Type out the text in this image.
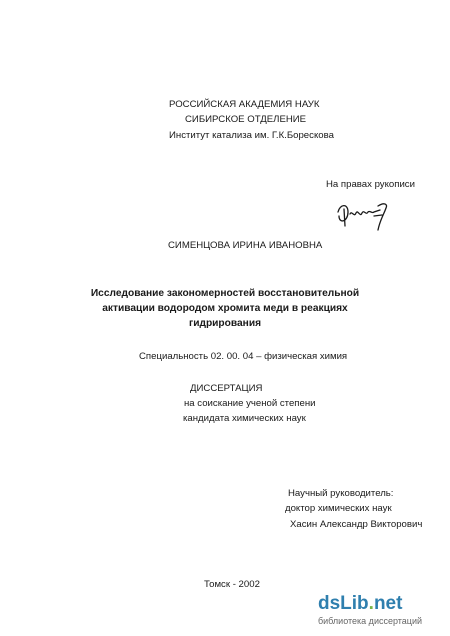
РОССИЙСКАЯ АКАДЕМИЯ НАУК
СИБИРСКОЕ ОТДЕЛЕНИЕ
Институт катализа им. Г.К.Борескова
На правах рукописи
СИМЕНЦОВА ИРИНА ИВАНОВНА
Исследование закономерностей восстановительной
активации водородом хромита меди в реакциях
гидрирования
Специальность 02. 00. 04 – физическая химия
ДИССЕРТАЦИЯ
на соискание ученой степени
кандидата химических наук
Научный руководитель:
доктор химических наук
Хасин Александр Викторович
Томск - 2002
dsLib.net
библиотека диссертаций
